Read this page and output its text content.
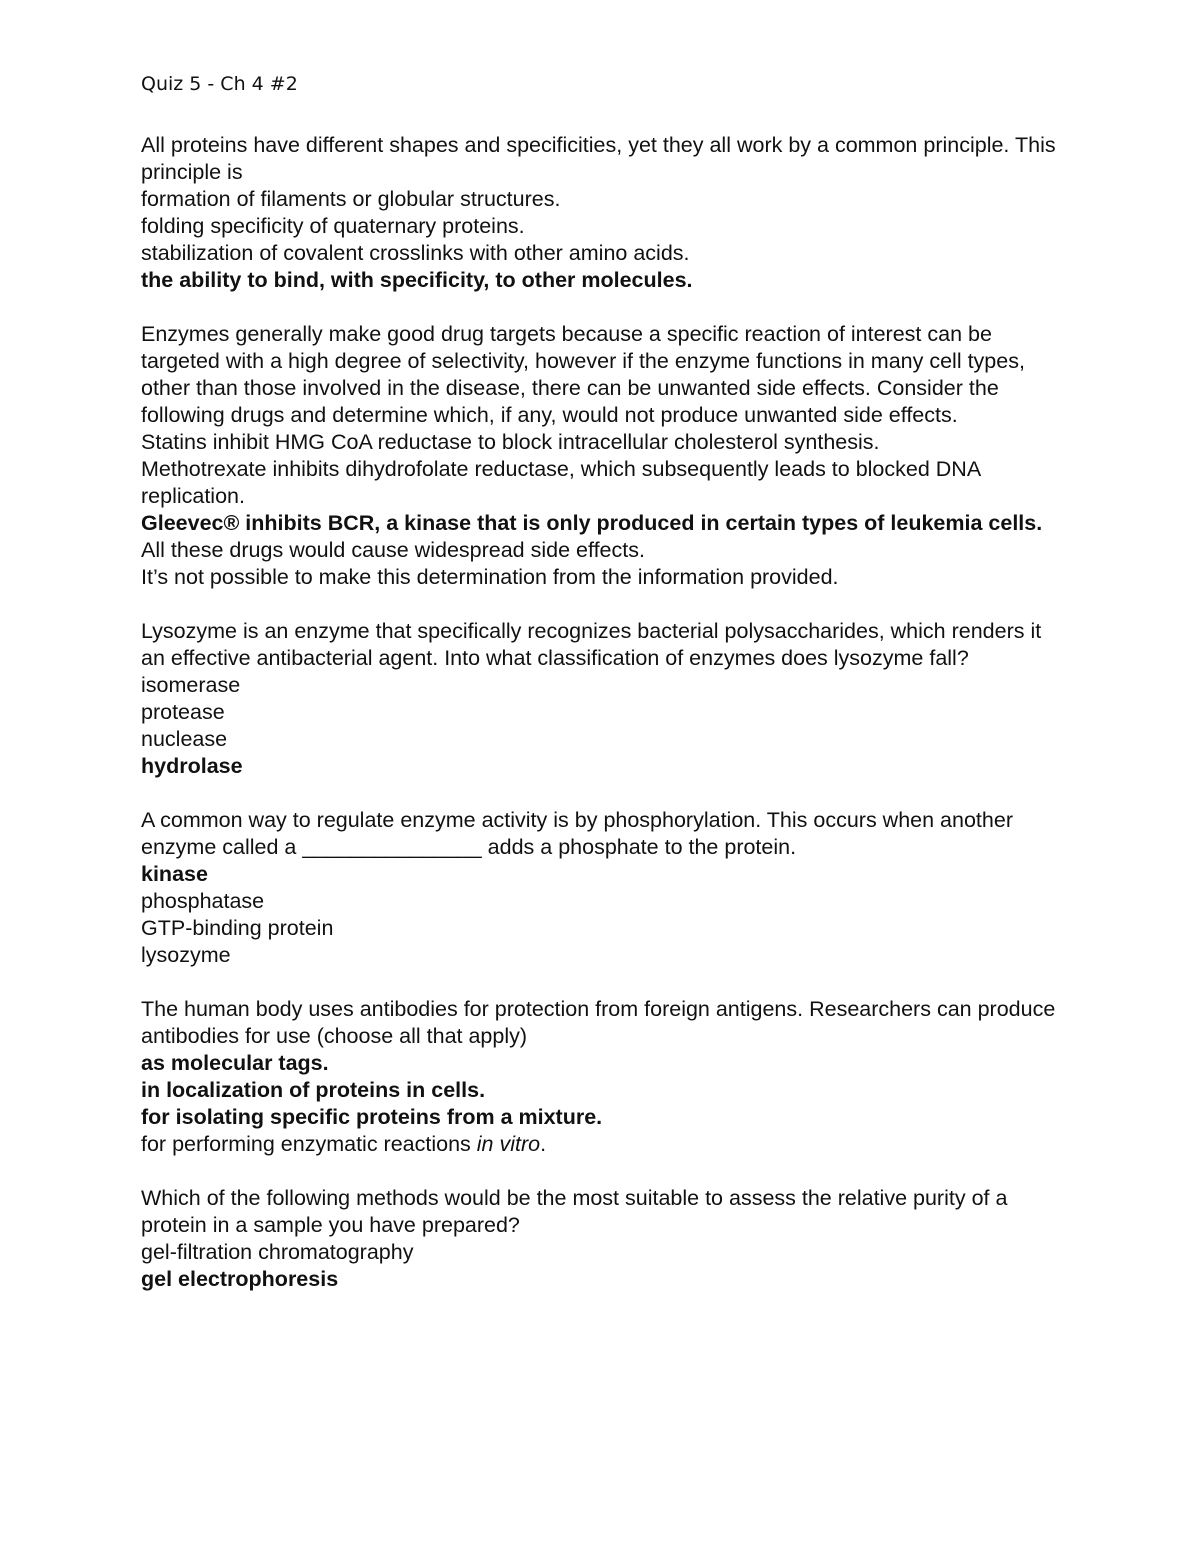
Quiz 5 - Ch 4 #2

All proteins have different shapes and specificities, yet they all work by a common principle. This principle is

formation of filaments or globular structures.

folding specificity of quaternary proteins.

stabilization of covalent crosslinks with other amino acids.

the ability to bind, with specificity, to other molecules.

Enzymes generally make good drug targets because a specific reaction of interest can be targeted with a high degree of selectivity, however if the enzyme functions in many cell types, other than those involved in the disease, there can be unwanted side effects. Consider the following drugs and determine which, if any, would not produce unwanted side effects.

Statins inhibit HMG CoA reductase to block intracellular cholesterol synthesis.

Methotrexate inhibits dihydrofolate reductase, which subsequently leads to blocked DNA replication.

Gleevec® inhibits BCR, a kinase that is only produced in certain types of leukemia cells.

All these drugs would cause widespread side effects.

It’s not possible to make this determination from the information provided.

Lysozyme is an enzyme that specifically recognizes bacterial polysaccharides, which renders it an effective antibacterial agent. Into what classification of enzymes does lysozyme fall?

isomerase

protease

nuclease

hydrolase

A common way to regulate enzyme activity is by phosphorylation. This occurs when another enzyme called a _______________ adds a phosphate to the protein.

kinase

phosphatase

GTP-binding protein

lysozyme

The human body uses antibodies for protection from foreign antigens. Researchers can produce antibodies for use (choose all that apply)

as molecular tags.

in localization of proteins in cells.

for isolating specific proteins from a mixture.

for performing enzymatic reactions in vitro.

Which of the following methods would be the most suitable to assess the relative purity of a protein in a sample you have prepared?

gel-filtration chromatography

gel electrophoresis
